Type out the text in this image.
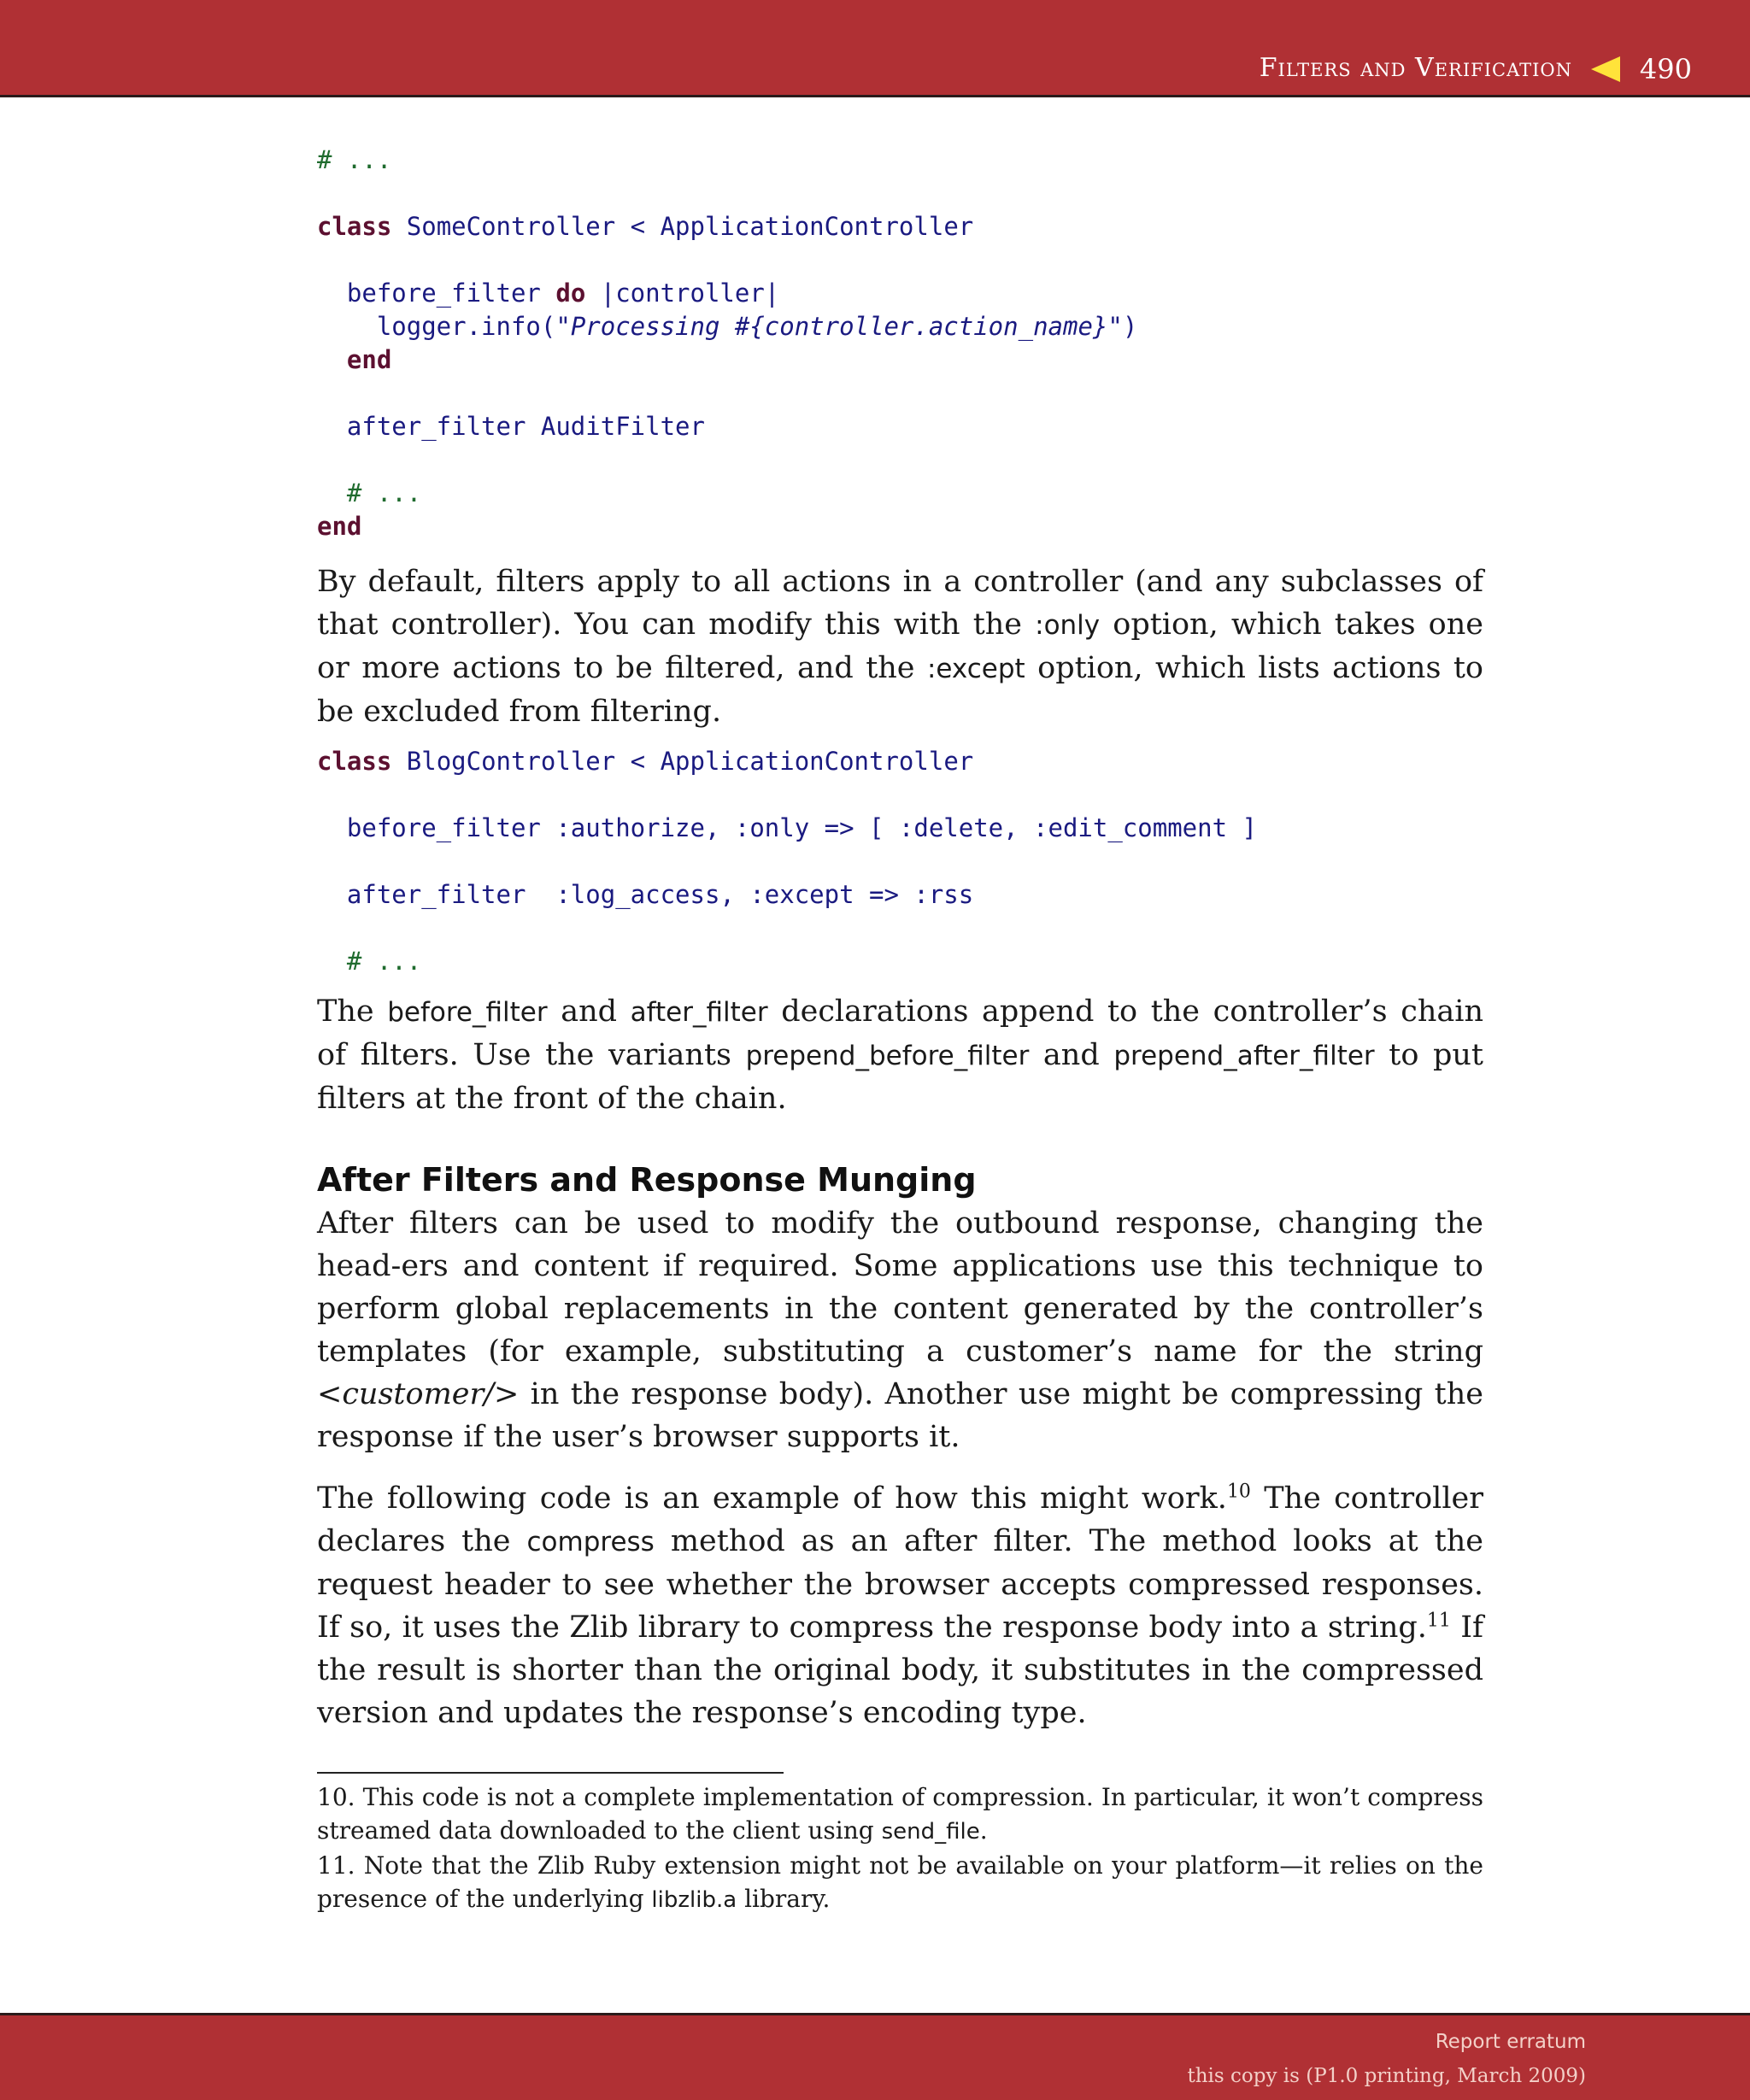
Filters and Verification 490
# ...
class SomeController < ApplicationController
before_filter do |controller|
logger.info("Processing #{controller.action_name}")
end
after_filter AuditFilter
# ...
end

By default, filters apply to all actions in a controller (and any subclasses of that controller). You can modify this with the :only option, which takes one or more actions to be filtered, and the :except option, which lists actions to be excluded from filtering.

class BlogController < ApplicationController
before_filter :authorize, :only => [ :delete, :edit_comment ]
after_filter  :log_access, :except => :rss
# ...

The before_filter and after_filter declarations append to the controller’s chain of filters. Use the variants prepend_before_filter and prepend_after_filter to put filters at the front of the chain.

After Filters and Response Munging

After filters can be used to modify the outbound response, changing the head-ers and content if required. Some applications use this technique to perform global replacements in the content generated by the controller’s templates (for example, substituting a customer’s name for the string <customer/> in the response body). Another use might be compressing the response if the user’s browser supports it.

The following code is an example of how this might work.$^{10}$ The controller declares the compress method as an after filter. The method looks at the request header to see whether the browser accepts compressed responses. If so, it uses the Zlib library to compress the response body into a string.$^{11}$ If the result is shorter than the original body, it substitutes in the compressed version and updates the response’s encoding type.

10. This code is not a complete implementation of compression. In particular, it won’t compress streamed data downloaded to the client using send_file.

11. Note that the Zlib Ruby extension might not be available on your platform—it relies on the presence of the underlying libzlib.a library.

Report erratum
this copy is (P1.0 printing, March 2009)
